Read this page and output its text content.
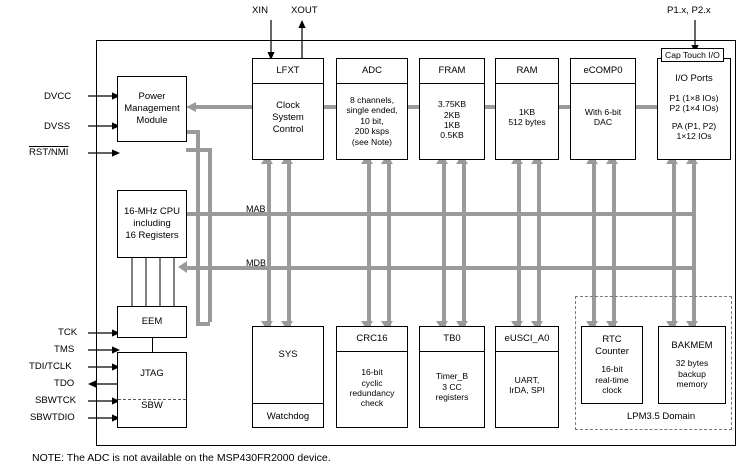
XIN XOUT	P1.x, P2.x
DVCC
DVSS
RST/NMI
TCK
TMS
TDI/TCLK
TDO
SBWTCK
SBWTDIO
MAB
MDB
Power
Management
Module
16-MHz CPU
including
16 Registers
EEM
JTAG
SBW
LFXT
Clock
System
Control
ADC
8 channels,
single ended,
10 bit,
200 ksps
(see Note)
FRAM
3.75KB
2KB
1KB
0.5KB
RAM
1KB
512 bytes
eCOMP0
With 6-bit
DAC
I/O Ports
P1 (1×8 IOs)
P2 (1×4 IOs)
PA (P1, P2)
1×12 IOs
Cap Touch I/O
SYS
Watchdog
CRC16
16-bit
cyclic
redundancy
check
TB0
Timer_B
3 CC
registers
eUSCI_A0
UART,
IrDA, SPI
LPM3.5 Domain
RTC
Counter
16-bit
real-time
clock
BAKMEM
32 bytes
backup
memory
NOTE: The ADC is not available on the MSP430FR2000 device.
